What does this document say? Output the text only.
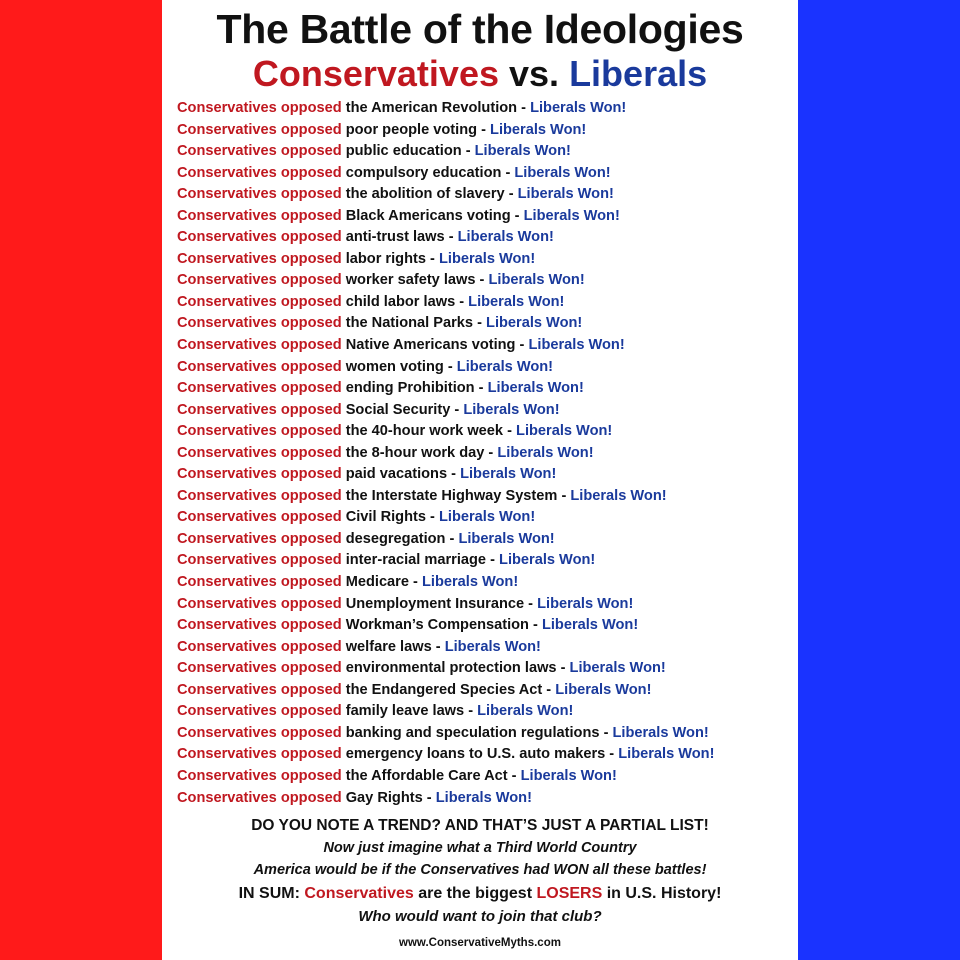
The Battle of the Ideologies
Conservatives vs. Liberals
Conservatives opposed the American Revolution - Liberals Won!
Conservatives opposed poor people voting - Liberals Won!
Conservatives opposed public education - Liberals Won!
Conservatives opposed compulsory education - Liberals Won!
Conservatives opposed the abolition of slavery - Liberals Won!
Conservatives opposed Black Americans voting - Liberals Won!
Conservatives opposed anti-trust laws - Liberals Won!
Conservatives opposed labor rights - Liberals Won!
Conservatives opposed worker safety laws - Liberals Won!
Conservatives opposed child labor laws - Liberals Won!
Conservatives opposed the National Parks - Liberals Won!
Conservatives opposed Native Americans voting - Liberals Won!
Conservatives opposed women voting - Liberals Won!
Conservatives opposed ending Prohibition - Liberals Won!
Conservatives opposed Social Security - Liberals Won!
Conservatives opposed the 40-hour work week - Liberals Won!
Conservatives opposed the 8-hour work day - Liberals Won!
Conservatives opposed paid vacations - Liberals Won!
Conservatives opposed the Interstate Highway System - Liberals Won!
Conservatives opposed Civil Rights - Liberals Won!
Conservatives opposed desegregation - Liberals Won!
Conservatives opposed inter-racial marriage - Liberals Won!
Conservatives opposed Medicare - Liberals Won!
Conservatives opposed Unemployment Insurance - Liberals Won!
Conservatives opposed Workman’s Compensation - Liberals Won!
Conservatives opposed welfare laws - Liberals Won!
Conservatives opposed environmental protection laws - Liberals Won!
Conservatives opposed the Endangered Species Act - Liberals Won!
Conservatives opposed family leave laws - Liberals Won!
Conservatives opposed banking and speculation regulations - Liberals Won!
Conservatives opposed emergency loans to U.S. auto makers - Liberals Won!
Conservatives opposed the Affordable Care Act - Liberals Won!
Conservatives opposed Gay Rights - Liberals Won!
DO YOU NOTE A TREND? AND THAT’S JUST A PARTIAL LIST!
Now just imagine what a Third World Country
America would be if the Conservatives had WON all these battles!
IN SUM: Conservatives are the biggest LOSERS in U.S. History!
Who would want to join that club?
www.ConservativeMyths.com
